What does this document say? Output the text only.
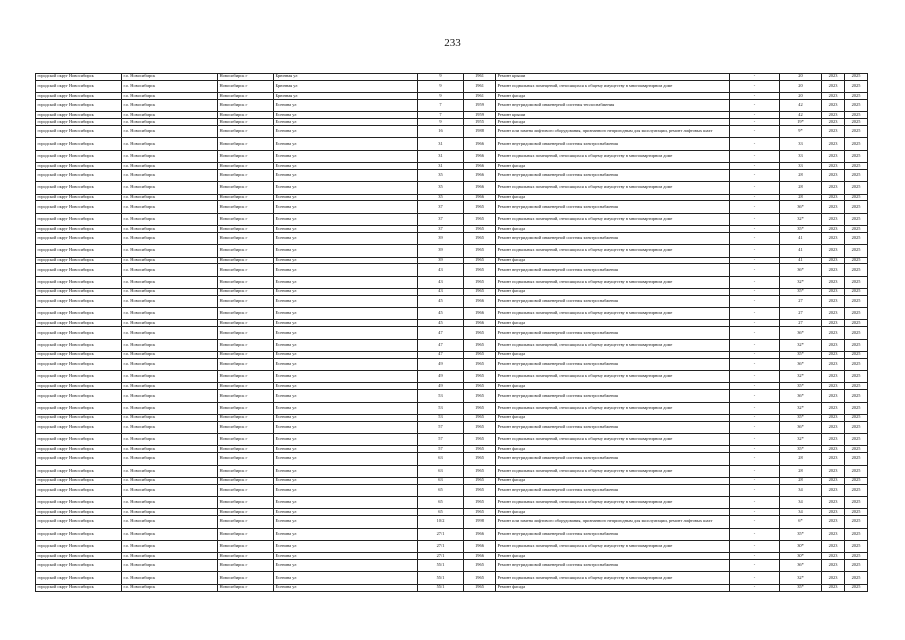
233
городской округ Новосибирск	г.о. Новосибирск	Новосибирск г	Брюнная ул	9	1961	Ремонт крыши	-	20	2023	2025
городской округ Новосибирск	г.о. Новосибирск	Новосибирск г	Брюнная ул	9	1961	Ремонт подвальных помещений, относящихся к общему имуществу в многоквартирном доме	-	20	2023	2025
городской округ Новосибирск	г.о. Новосибирск	Новосибирск г	Брюнная ул	9	1961	Ремонт фасада	-	20	2023	2025
городской округ Новосибирск	г.о. Новосибирск	Новосибирск г	Есенина ул	7	1959	Ремонт внутридомовой инженерной системы теплоснабжения	-	42	2023	2025
городской округ Новосибирск	г.о. Новосибирск	Новосибирск г	Есенина ул	7	1959	Ремонт крыши	-	42	2023	2025
городской округ Новосибирск	г.о. Новосибирск	Новосибирск г	Есенина ул	9	1955	Ремонт фасада	-	19*	2023	2025
городской округ Новосибирск	г.о. Новосибирск	Новосибирск г	Есенина ул	16	1988	Ремонт или замена лифтового оборудования, признанного непригодным для эксплуатации, ремонт лифтовых шахт	-	9*	2023	2025
городской округ Новосибирск	г.о. Новосибирск	Новосибирск г	Есенина ул	31	1966	Ремонт внутридомовой инженерной системы электроснабжения	-	33	2023	2025
городской округ Новосибирск	г.о. Новосибирск	Новосибирск г	Есенина ул	31	1966	Ремонт подвальных помещений, относящихся к общему имуществу в многоквартирном доме	-	33	2023	2025
городской округ Новосибирск	г.о. Новосибирск	Новосибирск г	Есенина ул	31	1966	Ремонт фасада	-	33	2023	2025
городской округ Новосибирск	г.о. Новосибирск	Новосибирск г	Есенина ул	35	1966	Ремонт внутридомовой инженерной системы электроснабжения	-	28	2023	2025
городской округ Новосибирск	г.о. Новосибирск	Новосибирск г	Есенина ул	35	1966	Ремонт подвальных помещений, относящихся к общему имуществу в многоквартирном доме	-	28	2023	2025
городской округ Новосибирск	г.о. Новосибирск	Новосибирск г	Есенина ул	35	1966	Ремонт фасада	-	28	2023	2025
городской округ Новосибирск	г.о. Новосибирск	Новосибирск г	Есенина ул	37	1965	Ремонт внутридомовой инженерной системы электроснабжения	-	36*	2023	2025
городской округ Новосибирск	г.о. Новосибирск	Новосибирск г	Есенина ул	37	1965	Ремонт подвальных помещений, относящихся к общему имуществу в многоквартирном доме	-	32*	2023	2025
городской округ Новосибирск	г.о. Новосибирск	Новосибирск г	Есенина ул	37	1965	Ремонт фасада	-	35*	2023	2025
городской округ Новосибирск	г.о. Новосибирск	Новосибирск г	Есенина ул	39	1965	Ремонт внутридомовой инженерной системы электроснабжения	-	41	2023	2025
городской округ Новосибирск	г.о. Новосибирск	Новосибирск г	Есенина ул	39	1965	Ремонт подвальных помещений, относящихся к общему имуществу в многоквартирном доме	-	41	2023	2025
городской округ Новосибирск	г.о. Новосибирск	Новосибирск г	Есенина ул	39	1965	Ремонт фасада	-	41	2023	2025
городской округ Новосибирск	г.о. Новосибирск	Новосибирск г	Есенина ул	43	1965	Ремонт внутридомовой инженерной системы электроснабжения	-	36*	2023	2025
городской округ Новосибирск	г.о. Новосибирск	Новосибирск г	Есенина ул	43	1965	Ремонт подвальных помещений, относящихся к общему имуществу в многоквартирном доме	-	32*	2023	2025
городской округ Новосибирск	г.о. Новосибирск	Новосибирск г	Есенина ул	43	1965	Ремонт фасада	-	35*	2023	2025
городской округ Новосибирск	г.о. Новосибирск	Новосибирск г	Есенина ул	45	1966	Ремонт внутридомовой инженерной системы электроснабжения	-	27	2023	2025
городской округ Новосибирск	г.о. Новосибирск	Новосибирск г	Есенина ул	45	1966	Ремонт подвальных помещений, относящихся к общему имуществу в многоквартирном доме	-	27	2023	2025
городской округ Новосибирск	г.о. Новосибирск	Новосибирск г	Есенина ул	45	1966	Ремонт фасада	-	27	2023	2025
городской округ Новосибирск	г.о. Новосибирск	Новосибирск г	Есенина ул	47	1965	Ремонт внутридомовой инженерной системы электроснабжения	-	36*	2023	2025
городской округ Новосибирск	г.о. Новосибирск	Новосибирск г	Есенина ул	47	1965	Ремонт подвальных помещений, относящихся к общему имуществу в многоквартирном доме	-	32*	2023	2025
городской округ Новосибирск	г.о. Новосибирск	Новосибирск г	Есенина ул	47	1965	Ремонт фасада	-	35*	2023	2025
городской округ Новосибирск	г.о. Новосибирск	Новосибирск г	Есенина ул	49	1965	Ремонт внутридомовой инженерной системы электроснабжения	-	36*	2023	2025
городской округ Новосибирск	г.о. Новосибирск	Новосибирск г	Есенина ул	49	1965	Ремонт подвальных помещений, относящихся к общему имуществу в многоквартирном доме	-	32*	2023	2025
городской округ Новосибирск	г.о. Новосибирск	Новосибирск г	Есенина ул	49	1965	Ремонт фасада	-	35*	2023	2025
городской округ Новосибирск	г.о. Новосибирск	Новосибирск г	Есенина ул	53	1965	Ремонт внутридомовой инженерной системы электроснабжения	-	36*	2023	2025
городской округ Новосибирск	г.о. Новосибирск	Новосибирск г	Есенина ул	53	1965	Ремонт подвальных помещений, относящихся к общему имуществу в многоквартирном доме	-	32*	2023	2025
городской округ Новосибирск	г.о. Новосибирск	Новосибирск г	Есенина ул	53	1965	Ремонт фасада	-	35*	2023	2025
городской округ Новосибирск	г.о. Новосибирск	Новосибирск г	Есенина ул	57	1965	Ремонт внутридомовой инженерной системы электроснабжения	-	36*	2023	2025
городской округ Новосибирск	г.о. Новосибирск	Новосибирск г	Есенина ул	57	1965	Ремонт подвальных помещений, относящихся к общему имуществу в многоквартирном доме	-	32*	2023	2025
городской округ Новосибирск	г.о. Новосибирск	Новосибирск г	Есенина ул	57	1965	Ремонт фасада	-	35*	2023	2025
городской округ Новосибирск	г.о. Новосибирск	Новосибирск г	Есенина ул	63	1965	Ремонт внутридомовой инженерной системы электроснабжения	-	28	2023	2025
городской округ Новосибирск	г.о. Новосибирск	Новосибирск г	Есенина ул	63	1965	Ремонт подвальных помещений, относящихся к общему имуществу в многоквартирном доме	-	28	2023	2025
городской округ Новосибирск	г.о. Новосибирск	Новосибирск г	Есенина ул	63	1965	Ремонт фасада	-	28	2023	2025
городской округ Новосибирск	г.о. Новосибирск	Новосибирск г	Есенина ул	65	1965	Ремонт внутридомовой инженерной системы электроснабжения	-	34	2023	2025
городской округ Новосибирск	г.о. Новосибирск	Новосибирск г	Есенина ул	65	1965	Ремонт подвальных помещений, относящихся к общему имуществу в многоквартирном доме	-	34	2023	2025
городской округ Новосибирск	г.о. Новосибирск	Новосибирск г	Есенина ул	65	1965	Ремонт фасада	-	34	2023	2025
городской округ Новосибирск	г.о. Новосибирск	Новосибирск г	Есенина ул	10/2	1998	Ремонт или замена лифтового оборудования, признанного непригодным для эксплуатации, ремонт лифтовых шахт	-	6*	2023	2025
городской округ Новосибирск	г.о. Новосибирск	Новосибирск г	Есенина ул	27/1	1966	Ремонт внутридомовой инженерной системы электроснабжения	-	35*	2023	2025
городской округ Новосибирск	г.о. Новосибирск	Новосибирск г	Есенина ул	27/1	1966	Ремонт подвальных помещений, относящихся к общему имуществу в многоквартирном доме	-	30*	2023	2025
городской округ Новосибирск	г.о. Новосибирск	Новосибирск г	Есенина ул	27/1	1966	Ремонт фасада	-	30*	2023	2025
городской округ Новосибирск	г.о. Новосибирск	Новосибирск г	Есенина ул	55/1	1965	Ремонт внутридомовой инженерной системы электроснабжения	-	36*	2023	2025
городской округ Новосибирск	г.о. Новосибирск	Новосибирск г	Есенина ул	55/1	1965	Ремонт подвальных помещений, относящихся к общему имуществу в многоквартирном доме	-	32*	2023	2025
городской округ Новосибирск	г.о. Новосибирск	Новосибирск г	Есенина ул	55/1	1965	Ремонт фасада	-	35*	2023	2025
